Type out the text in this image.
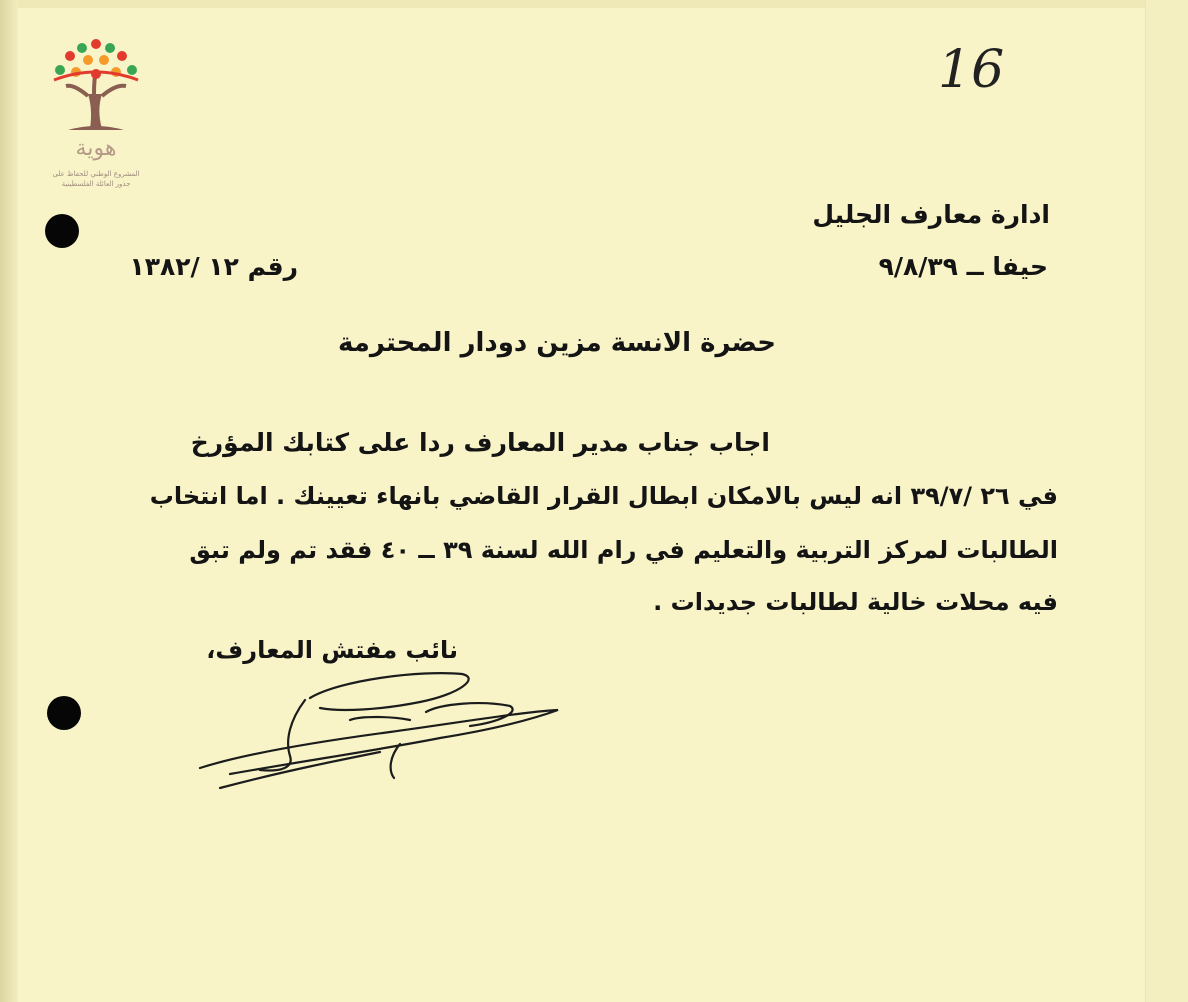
هوية
المشروع الوطني للحفاظ على
جذور العائلة الفلسطينية
16
ادارة معارف الجليل
حيفا ــ ٩/٨/٣٩
رقم ١٢ /١٣٨٢
حضرة الانسة مزين دودار المحترمة
اجاب جناب مدير المعارف ردا على كتابك المؤرخ
في ٢٦ /٣٩/٧ انه ليس بالامكان ابطال القرار القاضي بانهاء تعيينك . اما انتخاب
الطالبات لمركز التربية والتعليم في رام الله لسنة ٣٩ ــ ٤٠ فقد تم ولم تبق
فيه محلات خالية لطالبات جديدات .
نائب مفتش المعارف،
